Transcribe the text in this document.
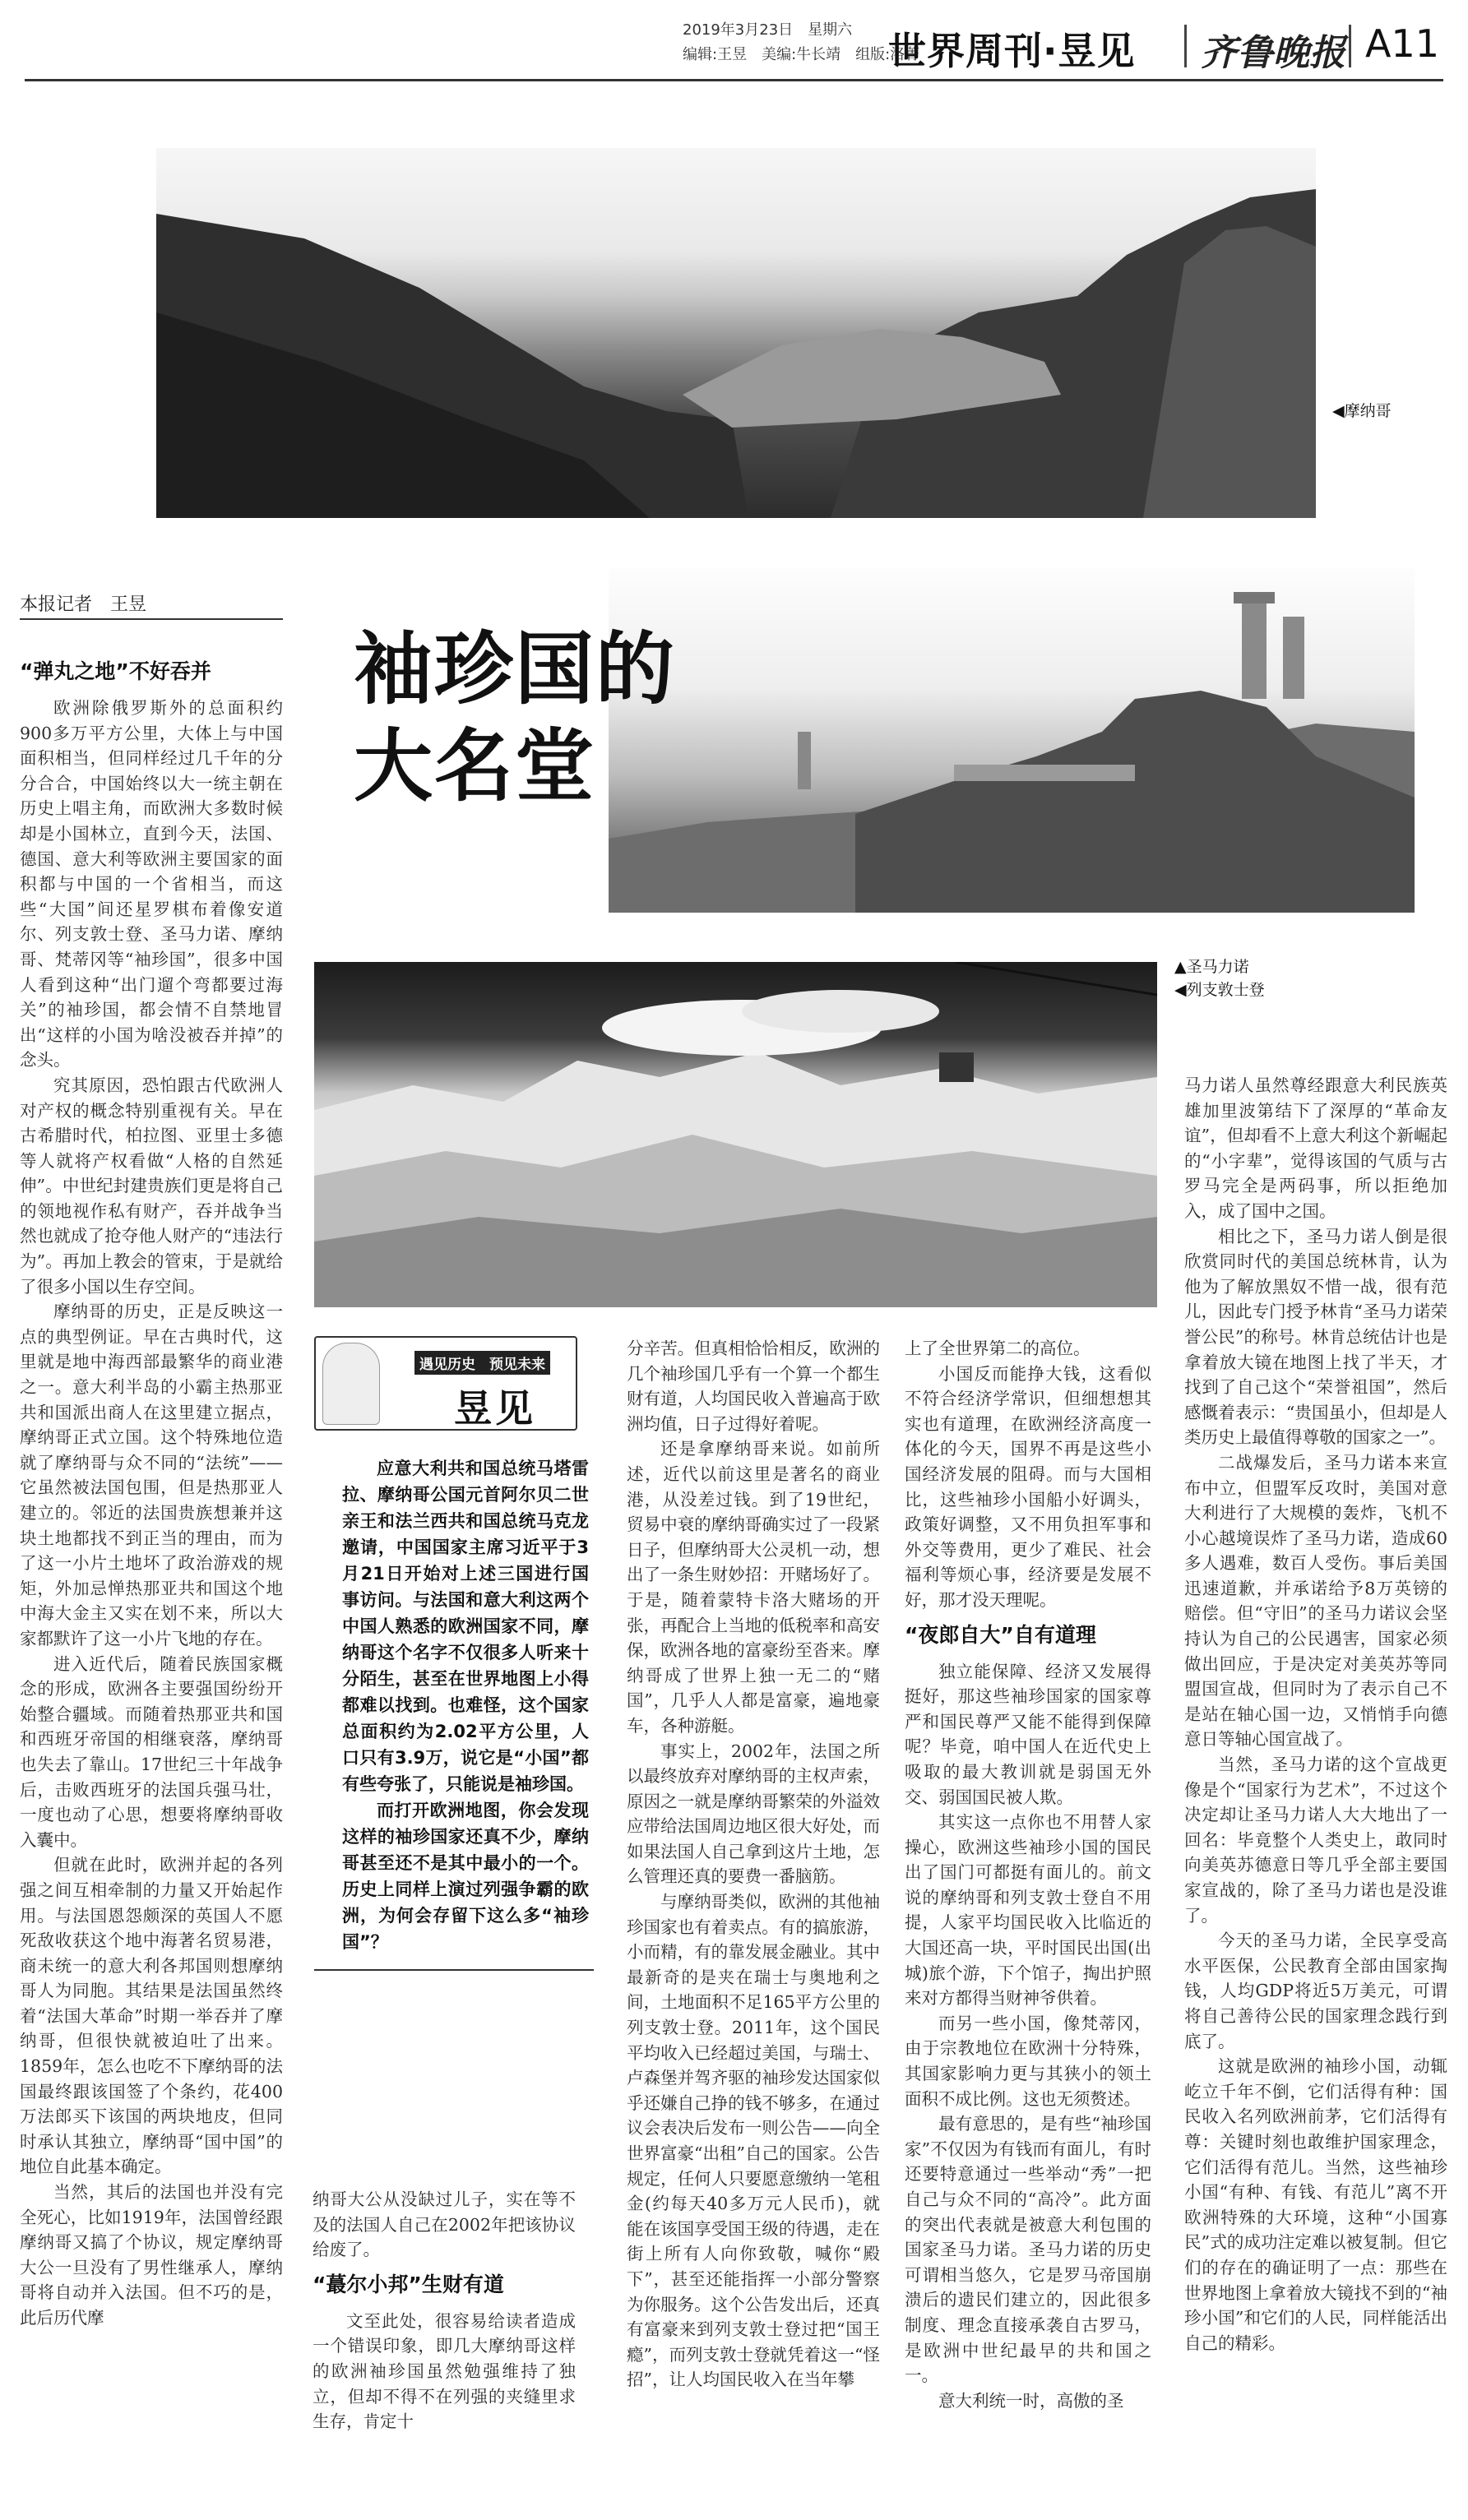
2019年3月23日　星期六
编辑:王昱　美编:牛长靖　组版:洛菁
世界周刊·昱见 齐鲁晚报 A11
◀摩纳哥
本报记者　王昱
袖珍国的
大名堂
▲圣马力诺
◀列支敦士登
“弹丸之地”不好吞并

欧洲除俄罗斯外的总面积约900多万平方公里，大体上与中国面积相当，但同样经过几千年的分分合合，中国始终以大一统主朝在历史上唱主角，而欧洲大多数时候却是小国林立，直到今天，法国、德国、意大利等欧洲主要国家的面积都与中国的一个省相当，而这些“大国”间还星罗棋布着像安道尔、列支敦士登、圣马力诺、摩纳哥、梵蒂冈等“袖珍国”，很多中国人看到这种“出门遛个弯都要过海关”的袖珍国，都会情不自禁地冒出“这样的小国为啥没被吞并掉”的念头。

究其原因，恐怕跟古代欧洲人对产权的概念特别重视有关。早在古希腊时代，柏拉图、亚里士多德等人就将产权看做“人格的自然延伸”。中世纪封建贵族们更是将自己的领地视作私有财产，吞并战争当然也就成了抢夺他人财产的“违法行为”。再加上教会的管束，于是就给了很多小国以生存空间。

摩纳哥的历史，正是反映这一点的典型例证。早在古典时代，这里就是地中海西部最繁华的商业港之一。意大利半岛的小霸主热那亚共和国派出商人在这里建立据点，摩纳哥正式立国。这个特殊地位造就了摩纳哥与众不同的“法统”——它虽然被法国包围，但是热那亚人建立的。邻近的法国贵族想兼并这块土地都找不到正当的理由，而为了这一小片土地坏了政治游戏的规矩，外加忌惮热那亚共和国这个地中海大金主又实在划不来，所以大家都默许了这一小片飞地的存在。

进入近代后，随着民族国家概念的形成，欧洲各主要强国纷纷开始整合疆域。而随着热那亚共和国和西班牙帝国的相继衰落，摩纳哥也失去了靠山。17世纪三十年战争后，击败西班牙的法国兵强马壮，一度也动了心思，想要将摩纳哥收入囊中。

但就在此时，欧洲并起的各列强之间互相牵制的力量又开始起作用。与法国恩怨颇深的英国人不愿死敌收获这个地中海著名贸易港，商未统一的意大利各邦国则想摩纳哥人为同胞。其结果是法国虽然终着“法国大革命”时期一举吞并了摩纳哥，但很快就被迫吐了出来。1859年，怎么也吃不下摩纳哥的法国最终跟该国签了个条约，花400万法郎买下该国的两块地皮，但同时承认其独立，摩纳哥“国中国”的地位自此基本确定。

当然，其后的法国也并没有完全死心，比如1919年，法国曾经跟摩纳哥又搞了个协议，规定摩纳哥大公一旦没有了男性继承人，摩纳哥将自动并入法国。但不巧的是，此后历代摩

遇见历史　预见未来
昱见

应意大利共和国总统马塔雷拉、摩纳哥公国元首阿尔贝二世亲王和法兰西共和国总统马克龙邀请，中国国家主席习近平于3月21日开始对上述三国进行国事访问。与法国和意大利这两个中国人熟悉的欧洲国家不同，摩纳哥这个名字不仅很多人听来十分陌生，甚至在世界地图上小得都难以找到。也难怪，这个国家总面积约为2.02平方公里，人口只有3.9万，说它是“小国”都有些夸张了，只能说是袖珍国。

而打开欧洲地图，你会发现这样的袖珍国家还真不少，摩纳哥甚至还不是其中最小的一个。历史上同样上演过列强争霸的欧洲，为何会存留下这么多“袖珍国”？

纳哥大公从没缺过儿子，实在等不及的法国人自己在2002年把该协议给废了。

“蕞尔小邦”生财有道

文至此处，很容易给读者造成一个错误印象，即几大摩纳哥这样的欧洲袖珍国虽然勉强维持了独立，但却不得不在列强的夹缝里求生存，肯定十

分辛苦。但真相恰恰相反，欧洲的几个袖珍国几乎有一个算一个都生财有道，人均国民收入普遍高于欧洲均值，日子过得好着呢。

还是拿摩纳哥来说。如前所述，近代以前这里是著名的商业港，从没差过钱。到了19世纪，贸易中衰的摩纳哥确实过了一段紧日子，但摩纳哥大公灵机一动，想出了一条生财妙招：开赌场好了。于是，随着蒙特卡洛大赌场的开张，再配合上当地的低税率和高安保，欧洲各地的富豪纷至沓来。摩纳哥成了世界上独一无二的“赌国”，几乎人人都是富豪，遍地豪车，各种游艇。

事实上，2002年，法国之所以最终放弃对摩纳哥的主权声索，原因之一就是摩纳哥繁荣的外溢效应带给法国周边地区很大好处，而如果法国人自己拿到这片土地，怎么管理还真的要费一番脑筋。

与摩纳哥类似，欧洲的其他袖珍国家也有着卖点。有的搞旅游，小而精，有的靠发展金融业。其中最新奇的是夹在瑞士与奥地利之间，土地面积不足165平方公里的列支敦士登。2011年，这个国民平均收入已经超过美国，与瑞士、卢森堡并驾齐驱的袖珍发达国家似乎还嫌自己挣的钱不够多，在通过议会表决后发布一则公告——向全世界富豪“出租”自己的国家。公告规定，任何人只要愿意缴纳一笔租金(约每天40多万元人民币)，就能在该国享受国王级的待遇，走在街上所有人向你致敬，喊你“殿下”，甚至还能指挥一小部分警察为你服务。这个公告发出后，还真有富豪来到列支敦士登过把“国王瘾”，而列支敦士登就凭着这一“怪招”，让人均国民收入在当年攀

上了全世界第二的高位。

小国反而能挣大钱，这看似不符合经济学常识，但细想想其实也有道理，在欧洲经济高度一体化的今天，国界不再是这些小国经济发展的阻碍。而与大国相比，这些袖珍小国船小好调头，政策好调整，又不用负担军事和外交等费用，更少了难民、社会福利等烦心事，经济要是发展不好，那才没天理呢。

“夜郎自大”自有道理

独立能保障、经济又发展得挺好，那这些袖珍国家的国家尊严和国民尊严又能不能得到保障呢？毕竟，咱中国人在近代史上吸取的最大教训就是弱国无外交、弱国国民被人欺。

其实这一点你也不用替人家操心，欧洲这些袖珍小国的国民出了国门可都挺有面儿的。前文说的摩纳哥和列支敦士登自不用提，人家平均国民收入比临近的大国还高一块，平时国民出国(出城)旅个游，下个馆子，掏出护照来对方都得当财神爷供着。

而另一些小国，像梵蒂冈，由于宗教地位在欧洲十分特殊，其国家影响力更与其狭小的领土面积不成比例。这也无须赘述。

最有意思的，是有些“袖珍国家”不仅因为有钱而有面儿，有时还要特意通过一些举动“秀”一把自己与众不同的“高冷”。此方面的突出代表就是被意大利包围的国家圣马力诺。圣马力诺的历史可谓相当悠久，它是罗马帝国崩溃后的遗民们建立的，因此很多制度、理念直接承袭自古罗马，是欧洲中世纪最早的共和国之一。

意大利统一时，高傲的圣

马力诺人虽然尊经跟意大利民族英雄加里波第结下了深厚的“革命友谊”，但却看不上意大利这个新崛起的“小字辈”，觉得该国的气质与古罗马完全是两码事，所以拒绝加入，成了国中之国。

相比之下，圣马力诺人倒是很欣赏同时代的美国总统林肯，认为他为了解放黑奴不惜一战，很有范儿，因此专门授予林肯“圣马力诺荣誉公民”的称号。林肯总统估计也是拿着放大镜在地图上找了半天，才找到了自己这个“荣誉祖国”，然后感慨着表示：“贵国虽小，但却是人类历史上最值得尊敬的国家之一”。

二战爆发后，圣马力诺本来宣布中立，但盟军反攻时，美国对意大利进行了大规模的轰炸，飞机不小心越境误炸了圣马力诺，造成60多人遇难，数百人受伤。事后美国迅速道歉，并承诺给予8万英镑的赔偿。但“守旧”的圣马力诺议会坚持认为自己的公民遇害，国家必须做出回应，于是决定对美英苏等同盟国宣战，但同时为了表示自己不是站在轴心国一边，又悄悄手向德意日等轴心国宣战了。

当然，圣马力诺的这个宣战更像是个“国家行为艺术”，不过这个决定却让圣马力诺人大大地出了一回名：毕竟整个人类史上，敢同时向美英苏德意日等几乎全部主要国家宣战的，除了圣马力诺也是没谁了。

今天的圣马力诺，全民享受高水平医保，公民教育全部由国家掏钱，人均GDP将近5万美元，可谓将自己善待公民的国家理念践行到底了。

这就是欧洲的袖珍小国，动辄屹立千年不倒，它们活得有种：国民收入名列欧洲前茅，它们活得有尊：关键时刻也敢维护国家理念，它们活得有范儿。当然，这些袖珍小国“有种、有钱、有范儿”离不开欧洲特殊的大环境，这种“小国寡民”式的成功注定难以被复制。但它们的存在的确证明了一点：那些在世界地图上拿着放大镜找不到的“袖珍小国”和它们的人民，同样能活出自己的精彩。
